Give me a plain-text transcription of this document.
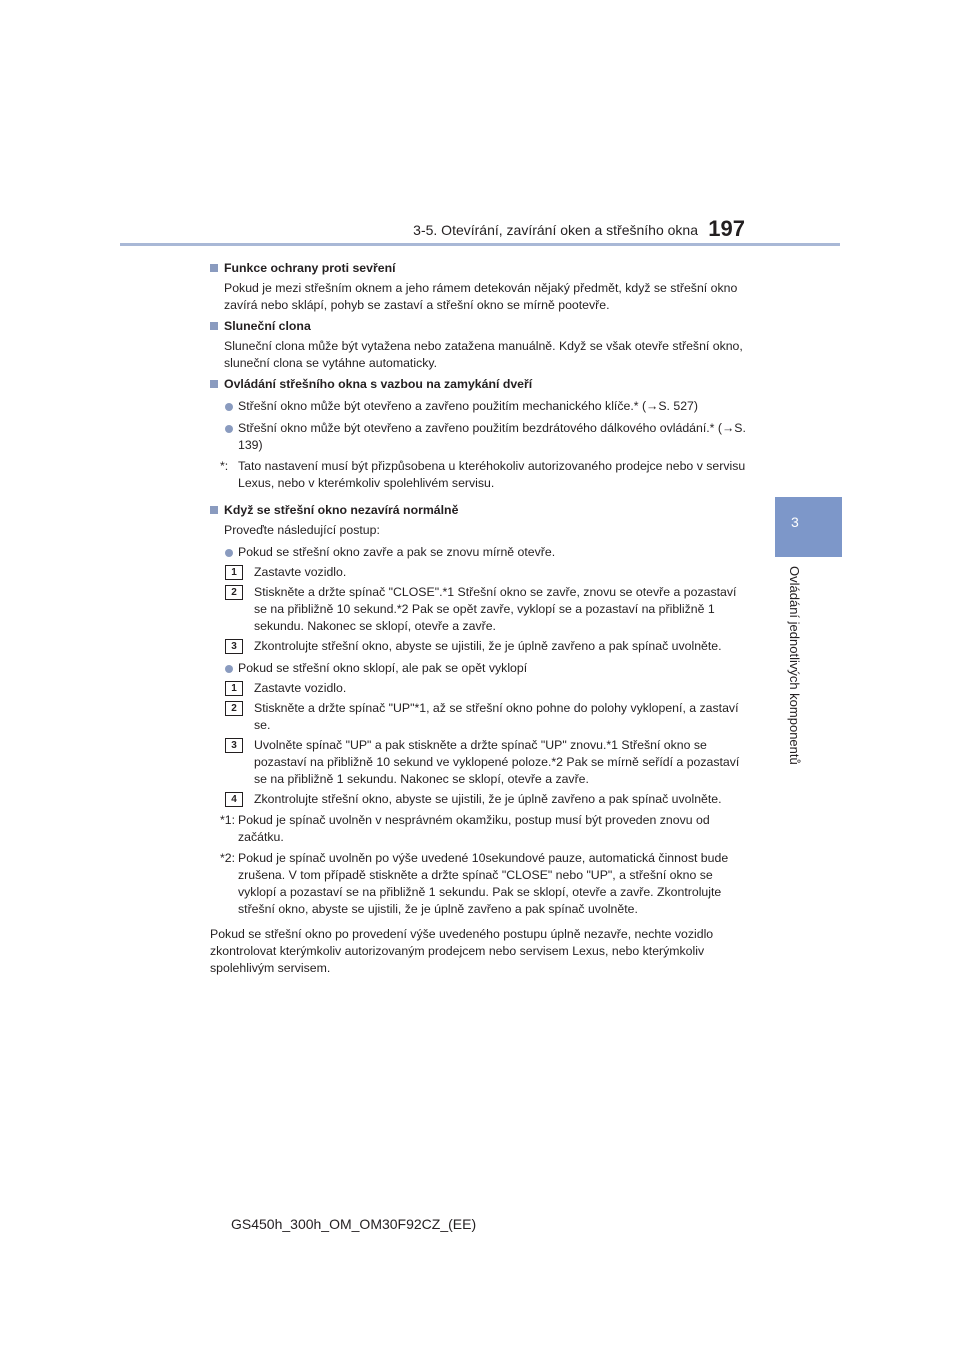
3-5. Otevírání, zavírání oken a střešního okna 197
3
Ovládání jednotlivých komponentů
Funkce ochrany proti sevření
Pokud je mezi střešním oknem a jeho rámem detekován nějaký předmět, když se střešní okno zavírá nebo sklápí, pohyb se zastaví a střešní okno se mírně pootevře.
Sluneční clona
Sluneční clona může být vytažena nebo zatažena manuálně. Když se však otevře střešní okno, sluneční clona se vytáhne automaticky.
Ovládání střešního okna s vazbou na zamykání dveří
Střešní okno může být otevřeno a zavřeno použitím mechanického klíče.* (→S. 527)
Střešní okno může být otevřeno a zavřeno použitím bezdrátového dálkového ovládání.* (→S. 139)
*: Tato nastavení musí být přizpůsobena u kteréhokoliv autorizovaného prodejce nebo v servisu Lexus, nebo v kterémkoliv spolehlivém servisu.
Když se střešní okno nezavírá normálně
Proveďte následující postup:
Pokud se střešní okno zavře a pak se znovu mírně otevře.
1	Zastavte vozidlo.
2	Stiskněte a držte spínač "CLOSE".*1 Střešní okno se zavře, znovu se otevře a pozastaví se na přibližně 10 sekund.*2 Pak se opět zavře, vyklopí se a pozastaví na přibližně 1 sekundu. Nakonec se sklopí, otevře a zavře.
3	Zkontrolujte střešní okno, abyste se ujistili, že je úplně zavřeno a pak spínač uvolněte.
Pokud se střešní okno sklopí, ale pak se opět vyklopí
1	Zastavte vozidlo.
2	Stiskněte a držte spínač "UP"*1, až se střešní okno pohne do polohy vyklopení, a zastaví se.
3	Uvolněte spínač "UP" a pak stiskněte a držte spínač "UP" znovu.*1 Střešní okno se pozastaví na přibližně 10 sekund ve vyklopené poloze.*2 Pak se mírně seřídí a pozastaví se na přibližně 1 sekundu. Nakonec se sklopí, otevře a zavře.
4	Zkontrolujte střešní okno, abyste se ujistili, že je úplně zavřeno a pak spínač uvolněte.
*1: Pokud je spínač uvolněn v nesprávném okamžiku, postup musí být proveden znovu od začátku.
*2: Pokud je spínač uvolněn po výše uvedené 10sekundové pauze, automatická činnost bude zrušena. V tom případě stiskněte a držte spínač "CLOSE" nebo "UP", a střešní okno se vyklopí a pozastaví se na přibližně 1 sekundu. Pak se sklopí, otevře a zavře. Zkontrolujte střešní okno, abyste se ujistili, že je úplně zavřeno a pak spínač uvolněte.
Pokud se střešní okno po provedení výše uvedeného postupu úplně nezavře, nechte vozidlo zkontrolovat kterýmkoliv autorizovaným prodejcem nebo servisem Lexus, nebo kterýmkoliv spolehlivým servisem.
GS450h_300h_OM_OM30F92CZ_(EE)
